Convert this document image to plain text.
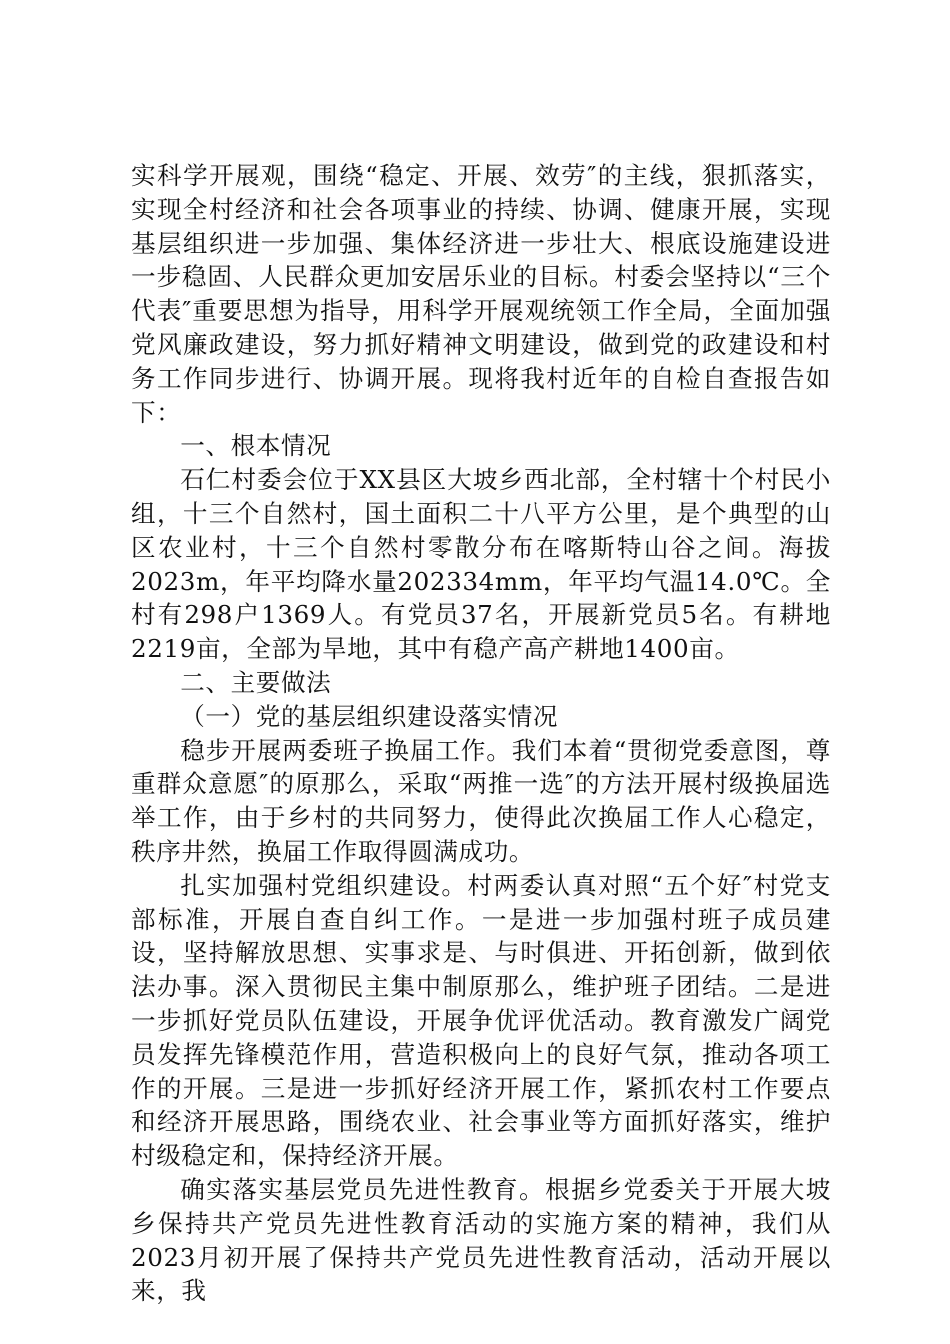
实科学开展观，围绕“稳定、开展、效劳″的主线，狠抓落实，实现全村经济和社会各项事业的持续、协调、健康开展，实现基层组织进一步加强、集体经济进一步壮大、根底设施建设进一步稳固、人民群众更加安居乐业的目标。村委会坚持以“三个代表″重要思想为指导，用科学开展观统领工作全局，全面加强党风廉政建设，努力抓好精神文明建设，做到党的政建设和村务工作同步进行、协调开展。现将我村近年的自检自查报告如下：

一、根本情况

石仁村委会位于XX县区大坡乡西北部，全村辖十个村民小组，十三个自然村，国土面积二十八平方公里，是个典型的山区农业村，十三个自然村零散分布在喀斯特山谷之间。海拔2023m，年平均降水量202334mm，年平均气温14.0℃。全村有298户1369人。有党员37名，开展新党员5名。有耕地2219亩，全部为旱地，其中有稳产高产耕地1400亩。

二、主要做法

（一）党的基层组织建设落实情况

稳步开展两委班子换届工作。我们本着“贯彻党委意图，尊重群众意愿″的原那么，采取“两推一选″的方法开展村级换届选举工作，由于乡村的共同努力，使得此次换届工作人心稳定，秩序井然，换届工作取得圆满成功。

扎实加强村党组织建设。村两委认真对照“五个好″村党支部标准，开展自查自纠工作。一是进一步加强村班子成员建设，坚持解放思想、实事求是、与时俱进、开拓创新，做到依法办事。深入贯彻民主集中制原那么，维护班子团结。二是进一步抓好党员队伍建设，开展争优评优活动。教育激发广阔党员发挥先锋模范作用，营造积极向上的良好气氛，推动各项工作的开展。三是进一步抓好经济开展工作，紧抓农村工作要点和经济开展思路，围绕农业、社会事业等方面抓好落实，维护村级稳定和，保持经济开展。

确实落实基层党员先进性教育。根据乡党委关于开展大坡乡保持共产党员先进性教育活动的实施方案的精神，我们从2023月初开展了保持共产党员先进性教育活动，活动开展以来，我
